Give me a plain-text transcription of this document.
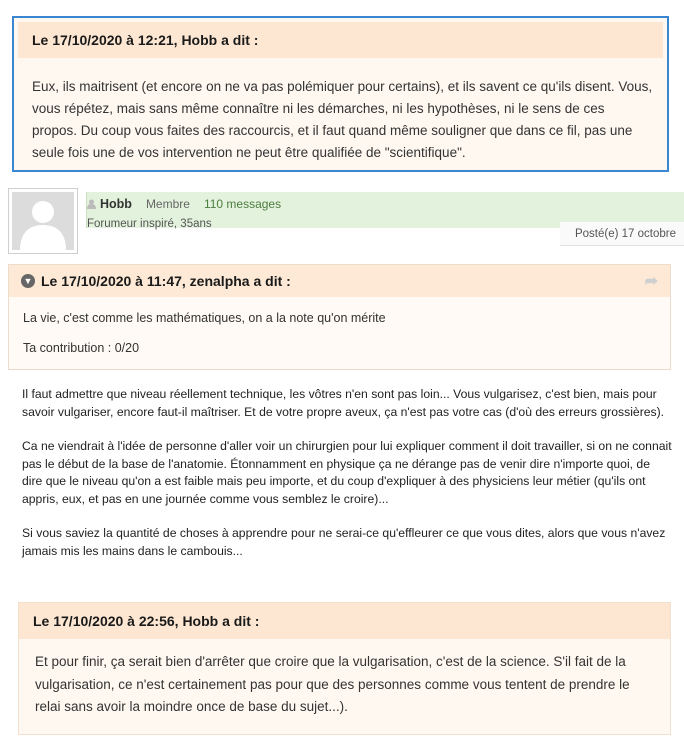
Le 17/10/2020 à 12:21, Hobb a dit :
Eux, ils maitrisent (et encore on ne va pas polémiquer pour certains), et ils savent ce qu'ils disent. Vous, vous répétez, mais sans même connaître ni les démarches, ni les hypothèses, ni le sens de ces propos. Du coup vous faites des raccourcis, et il faut quand même souligner que dans ce fil, pas une seule fois une de vos intervention ne peut être qualifiée de "scientifique".
Hobb Membre 110 messages
Forumeur inspiré, 35ans
Posté(e) 17 octobre
▼ Le 17/10/2020 à 11:47, zenalpha a dit :	➦
La vie, c'est comme les mathématiques, on a la note qu'on mérite
Ta contribution : 0/20

Il faut admettre que niveau réellement technique, les vôtres n'en sont pas loin... Vous vulgarisez, c'est bien, mais pour savoir vulgariser, encore faut-il maîtriser. Et de votre propre aveux, ça n'est pas votre cas (d'où des erreurs grossières).

Ca ne viendrait à l'idée de personne d'aller voir un chirurgien pour lui expliquer comment il doit travailler, si on ne connait pas le début de la base de l'anatomie. Étonnamment en physique ça ne dérange pas de venir dire n'importe quoi, de dire que le niveau qu'on a est faible mais peu importe, et du coup d'expliquer à des physiciens leur métier (qu'ils ont appris, eux, et pas en une journée comme vous semblez le croire)...

Si vous saviez la quantité de choses à apprendre pour ne serai-ce qu'effleurer ce que vous dites, alors que vous n'avez jamais mis les mains dans le cambouis...

Le 17/10/2020 à 22:56, Hobb a dit :
Et pour finir, ça serait bien d'arrêter que croire que la vulgarisation, c'est de la science. S'il fait de la vulgarisation, ce n'est certainement pas pour que des personnes comme vous tentent de prendre le relai sans avoir la moindre once de base du sujet...).
